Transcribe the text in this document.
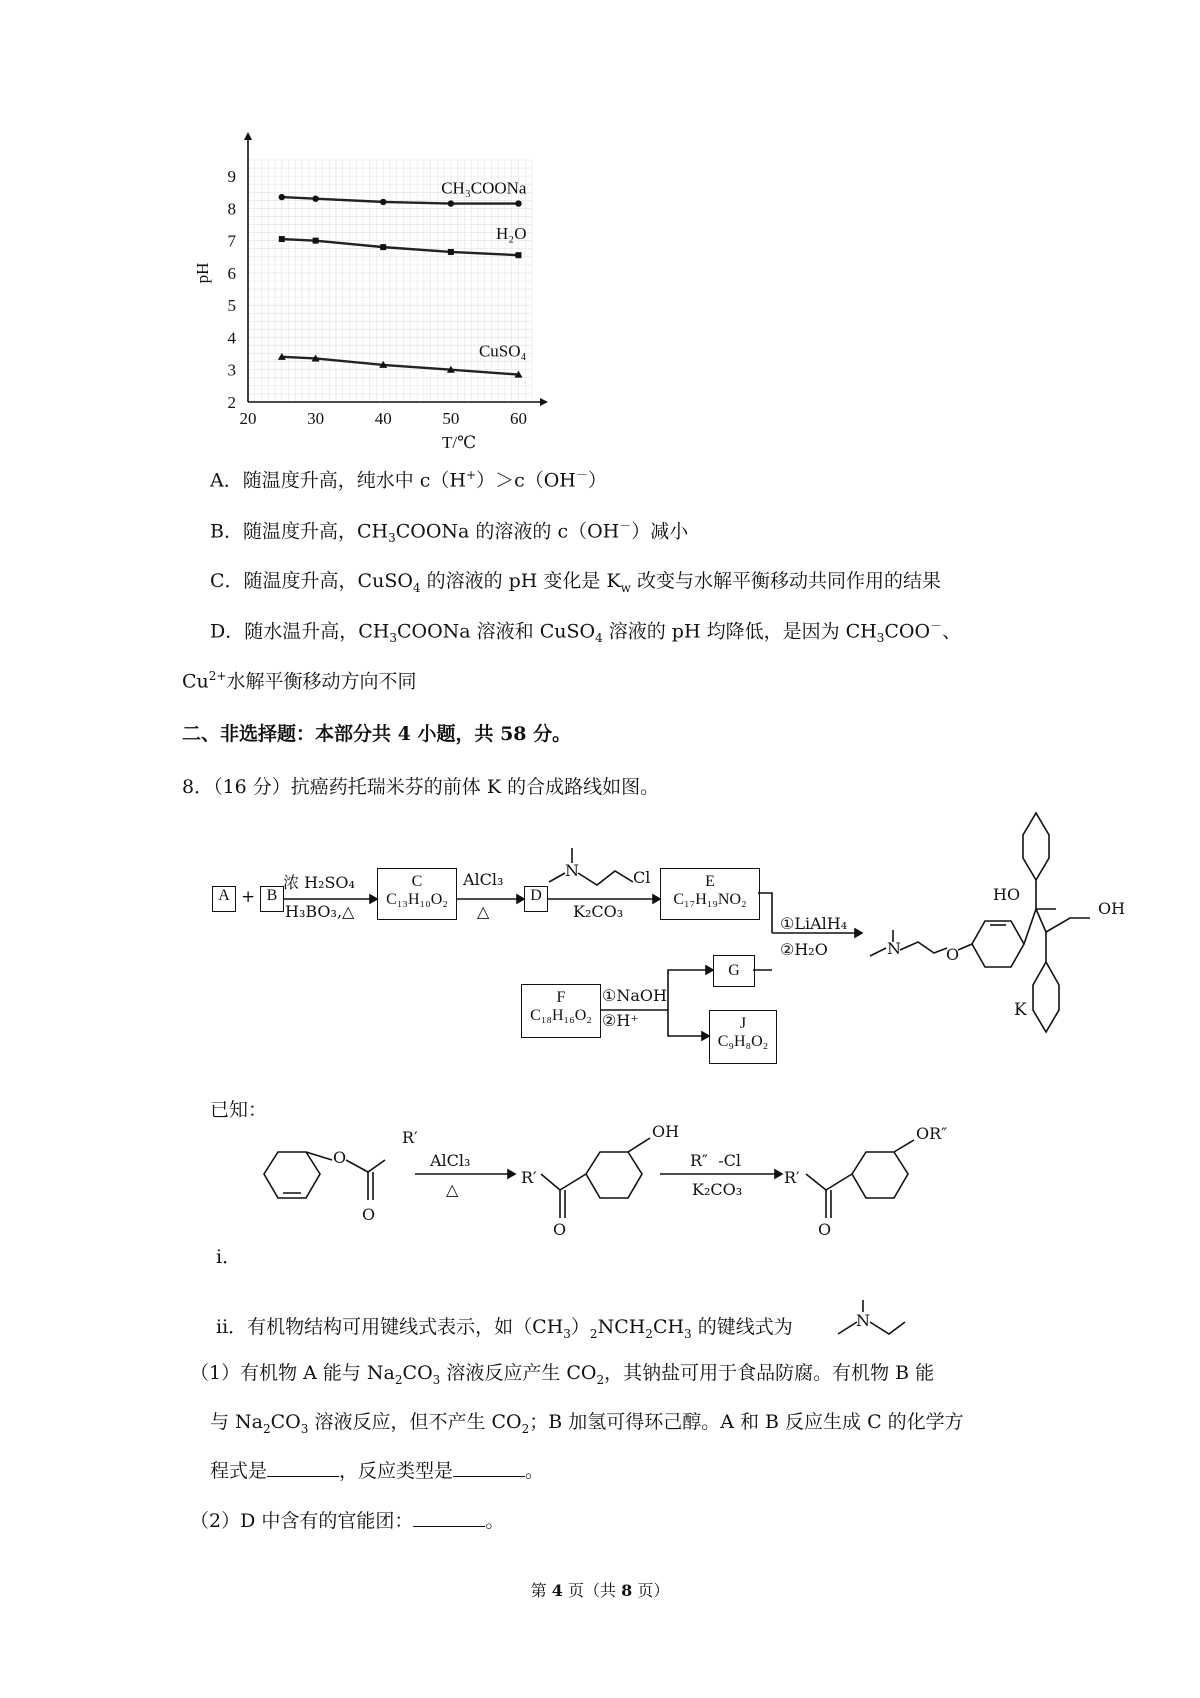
20	30	40	50	60
2
3
4
5
6
7
8
9
T/℃
pH
CH₃COONa
H₂O
CuSO₄
A．随温度升高，纯水中 c（H+）＞c（OH－）
B．随温度升高，$CH_3COONa$ 的溶液的 c（OH－）减小
C．随温度升高，CuSO$_4$ 的溶液的 pH 变化是 $K_w$ 改变与水解平衡移动共同作用的结果
D．随水温升高，$CH_3COONa$ 溶液和 CuSO$_4$ 溶液的 pH 均降低，是因为 $CH_3COO^-$、
$Cu^{2+}$水解平衡移动方向不同
二、非选择题：本部分共 4 小题，共 58 分。
8．（16 分）抗癌药托瑞米芬的前体 K 的合成路线如图。
A + B
浓 H₂SO₄
H₃BO₃,△
C
C₁₃H₁₀O₂
AlCl₃
△
D
N	Cl
K₂CO₃
E
C₁₇H₁₉NO₂
①LiAlH₄
②H₂O
F
C₁₈H₁₆O₂
①NaOH
②H⁺
G
J
C₉H₈O₂
HO
OH
N	O
K
已知：
R′
O
O
AlCl₃
△
R′
OH
O
R″  -Cl
K₂CO₃
R′
OR″
O
i．
ii．有机物结构可用键线式表示，如$(CH_3)_2NCH_2CH_3$ 的键线式为	N
（1）有机物 A 能与 $Na_2CO_3$ 溶液反应产生 $CO_2$，其钠盐可用于食品防腐。有机物 B 能
与 $Na_2CO_3$ 溶液反应，但不产生 $CO_2$；B 加氢可得环己醇。A 和 B 反应生成 C 的化学方
程式是	，反应类型是	。
（2）D 中含有的官能团：	。
第 4 页（共 8 页）
